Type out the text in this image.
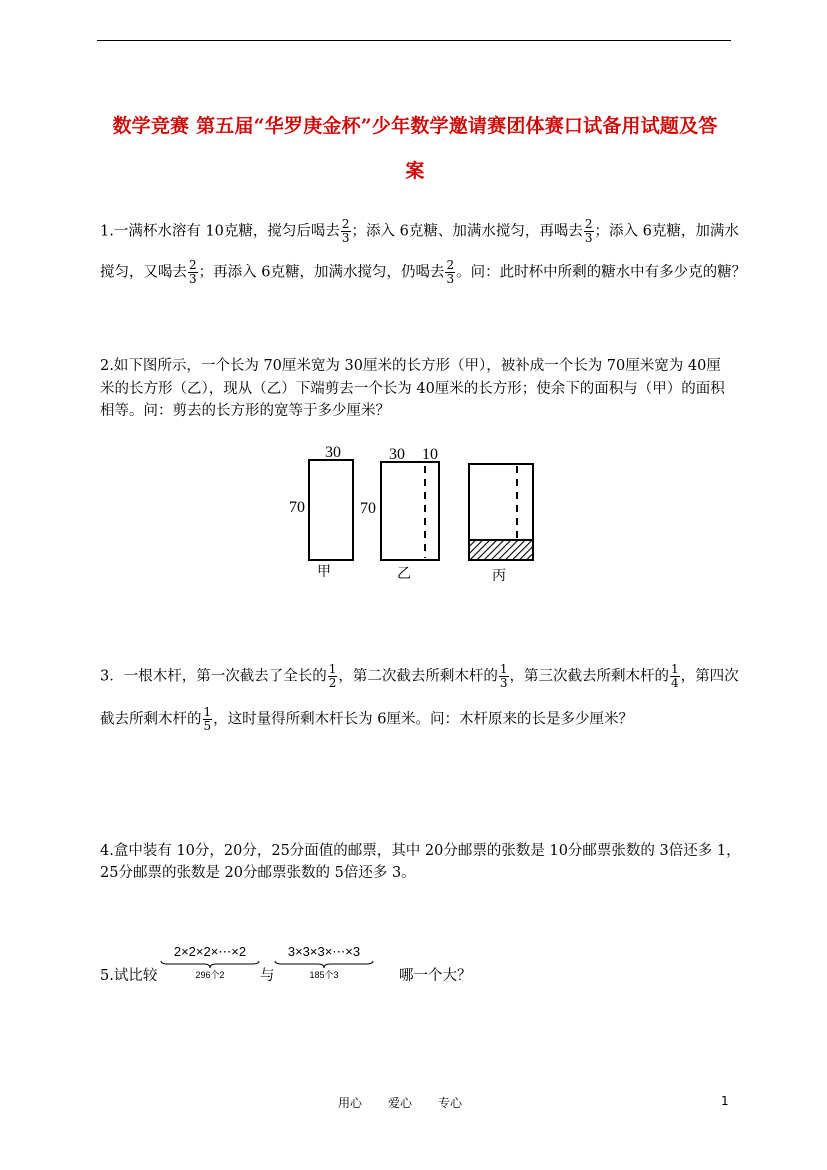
数学竞赛 第五届“华罗庚金杯”少年数学邀请赛团体赛口试备用试题及答
案
1.一满杯水溶有 10克糖，搅匀后喝去 $\frac{2}{3}$ ；添入 6克糖、加满水搅匀，再喝去 $\frac{2}{3}$ ；添入 6克糖，加满水
搅匀，又喝去 $\frac{2}{3}$ ；再添入 6克糖，加满水搅匀，仍喝去 $\frac{2}{3}$ 。问：此时杯中所剩的糖水中有多少克的糖？
2.如下图所示，一个长为 70厘米宽为 30厘米的长方形（甲），被补成一个长为 70厘米宽为 40厘
米的长方形（乙），现从（乙）下端剪去一个长为 40厘米的长方形；使余下的面积与（甲）的面积
相等。问：剪去的长方形的宽等于多少厘米？
30
70
甲
30 10
70
乙	丙
3．一根木杆，第一次截去了全长的 $\frac{1}{2}$ ，第二次截去所剩木杆的 $\frac{1}{3}$ ，第三次截去所剩木杆的 $\frac{1}{4}$ ，第四次
截去所剩木杆的 $\frac{1}{5}$ ，这时量得所剩木杆长为 6厘米。问：木杆原来的长是多少厘米？
4.盒中装有 10分，20分，25分面值的邮票，其中 20分邮票的张数是 10分邮票张数的 3倍还多 1，
25分邮票的张数是 20分邮票张数的 5倍还多 3。
5.试比较
2×2×2×⋯×2
296个2	与
3×3×3×⋯×3
185个3	哪一个大？
用心 爱心 专心	1
